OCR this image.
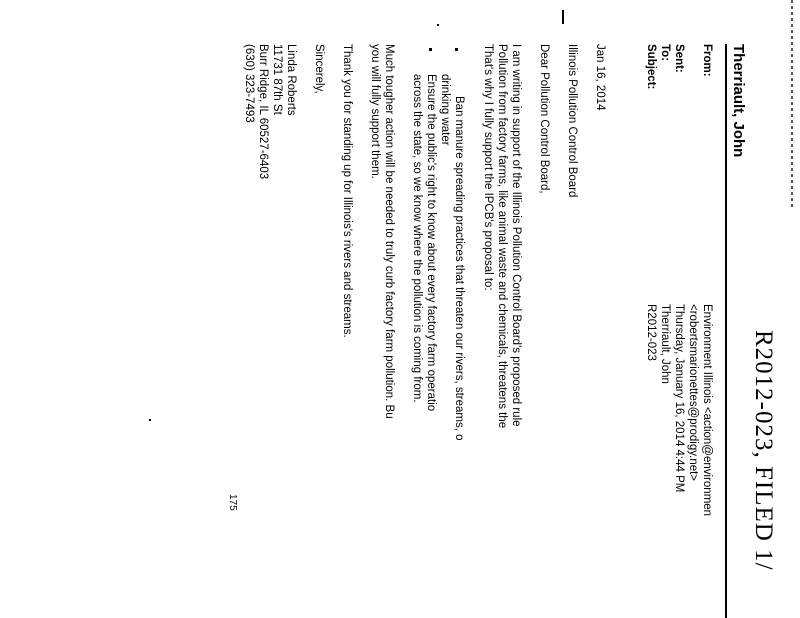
R2012-023, FILED 1/
Therriault, John
From:
Sent:
To:
Subject:
Environment Illinois <action@environmen
<robertsmarionettes@prodigy.net>
Thursday, January 16, 2014 4:44 PM
Therriault, John
R2012-023
Jan 16, 2014
Illinois Pollution Control Board
Dear Pollution Control Board,
I am writing in support of the Illinois Pollution Control Board's proposed rule
Pollution from factory farms, like animal waste and chemicals, threatens the
That's why I fully support the IPCB's proposal to:
Ban manure spreading practices that threaten our rivers, streams, o
drinking water
Ensure the public's right to know about every factory farm operatio
across the state, so we know where the pollution is coming from.
Much tougher action will be needed to truly curb factory farm pollution. Bu
you will fully support them.
Thank you for standing up for Illinois's rivers and streams.
Sincerely,
Linda Roberts
11731 87th St
Burr Ridge, IL 60527-6403
(630) 323-7493
175
